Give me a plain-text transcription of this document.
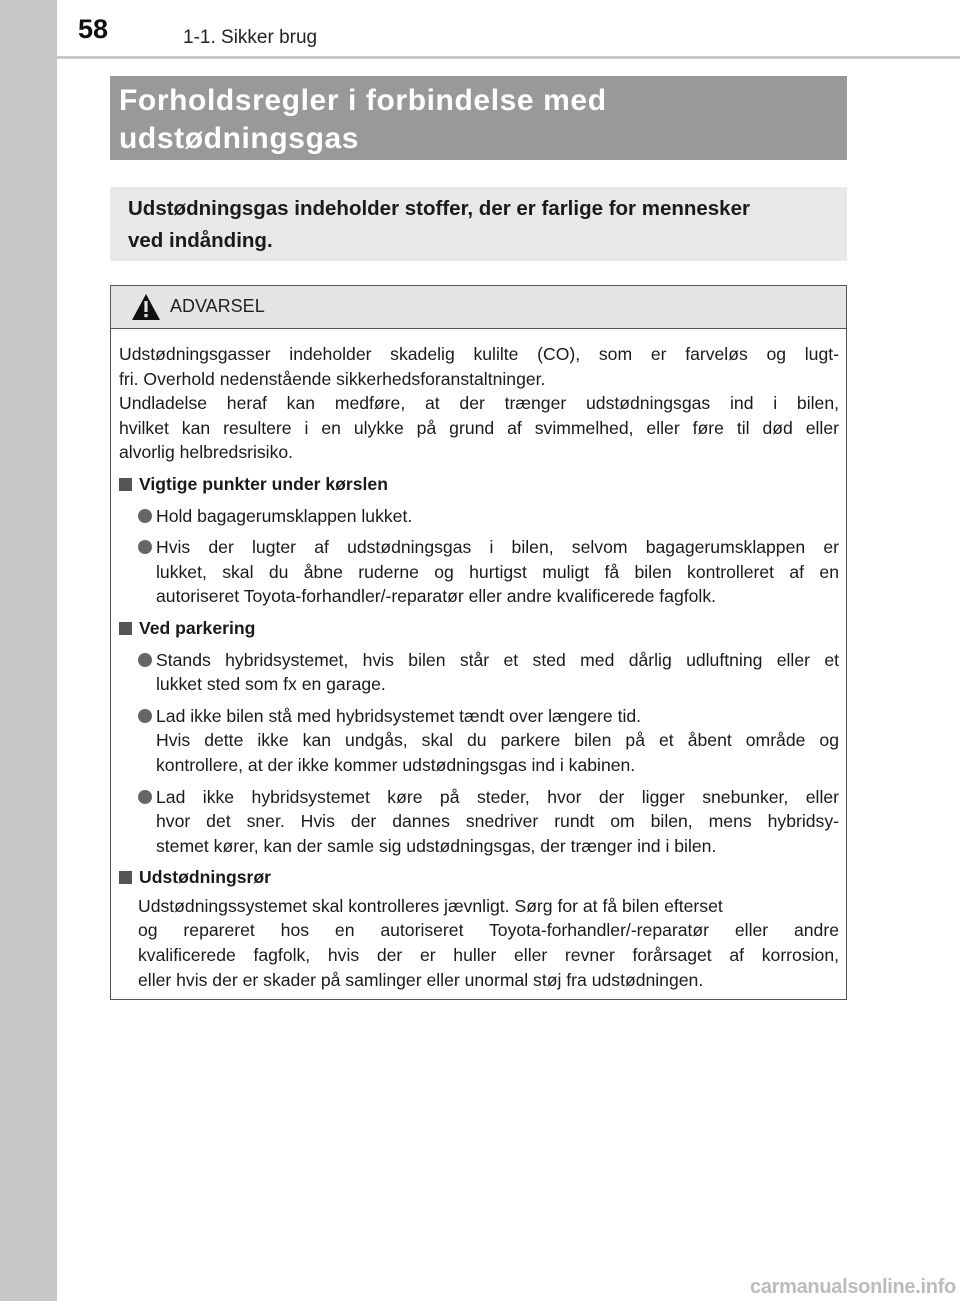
58	1-1. Sikker brug
Forholdsregler i forbindelse med
udstødningsgas
Udstødningsgas indeholder stoffer, der er farlige for mennesker
ved indånding.
ADVARSEL
Udstødningsgasser indeholder skadelig kulilte (CO), som er farveløs og lugt-
fri. Overhold nedenstående sikkerhedsforanstaltninger.
Undladelse heraf kan medføre, at der trænger udstødningsgas ind i bilen,
hvilket kan resultere i en ulykke på grund af svimmelhed, eller føre til død eller
alvorlig helbredsrisiko.
Vigtige punkter under kørslen
Hold bagagerumsklappen lukket.
Hvis der lugter af udstødningsgas i bilen, selvom bagagerumsklappen er
lukket, skal du åbne ruderne og hurtigst muligt få bilen kontrolleret af en
autoriseret Toyota-forhandler/-reparatør eller andre kvalificerede fagfolk.
Ved parkering
Stands hybridsystemet, hvis bilen står et sted med dårlig udluftning eller et
lukket sted som fx en garage.
Lad ikke bilen stå med hybridsystemet tændt over længere tid.
Hvis dette ikke kan undgås, skal du parkere bilen på et åbent område og
kontrollere, at der ikke kommer udstødningsgas ind i kabinen.
Lad ikke hybridsystemet køre på steder, hvor der ligger snebunker, eller
hvor det sner. Hvis der dannes snedriver rundt om bilen, mens hybridsy-
stemet kører, kan der samle sig udstødningsgas, der trænger ind i bilen.
Udstødningsrør
Udstødningssystemet skal kontrolleres jævnligt. Sørg for at få bilen efterset
og repareret hos en autoriseret Toyota-forhandler/-reparatør eller andre
kvalificerede fagfolk, hvis der er huller eller revner forårsaget af korrosion,
eller hvis der er skader på samlinger eller unormal støj fra udstødningen.
carmanualsonline.info
